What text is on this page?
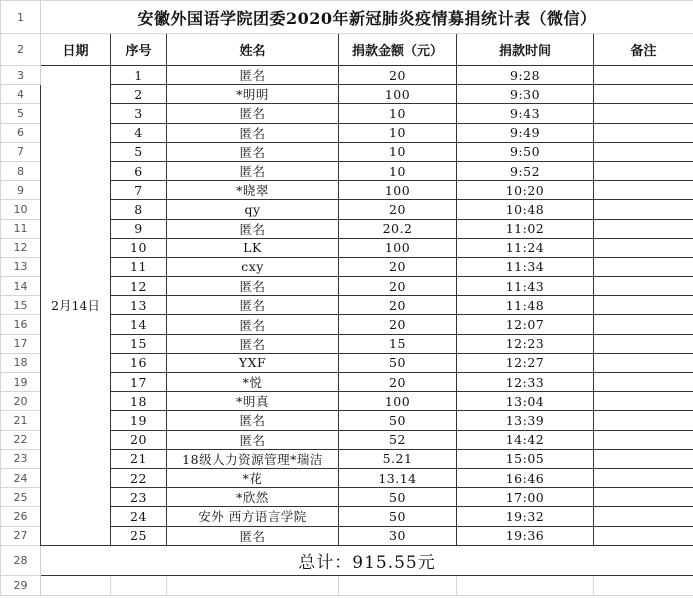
1	安徽外国语学院团委2020年新冠肺炎疫情募捐统计表（微信）					
2	日期	序号	姓名	捐款金额（元）	捐款时间	备注
3	2月14日	1	匿名	20	9:28	
4		2	*明明	100	9:30	
5		3	匿名	10	9:43	
6		4	匿名	10	9:49	
7		5	匿名	10	9:50	
8		6	匿名	10	9:52	
9		7	*晓翠	100	10:20	
10		8	qy	20	10:48	
11		9	匿名	20.2	11:02	
12		10	LK	100	11:24	
13		11	cxy	20	11:34	
14		12	匿名	20	11:43	
15		13	匿名	20	11:48	
16		14	匿名	20	12:07	
17		15	匿名	15	12:23	
18		16	YXF	50	12:27	
19		17	*悦	20	12:33	
20		18	*明真	100	13:04	
21		19	匿名	50	13:39	
22		20	匿名	52	14:42	
23		21	18级人力资源管理*瑞洁	5.21	15:05	
24		22	*花	13.14	16:46	
25		23	*欣然	50	17:00	
26		24	安外 西方语言学院	50	19:32	
27		25	匿名	30	19:36	
28	总计：915.55元					
29						
